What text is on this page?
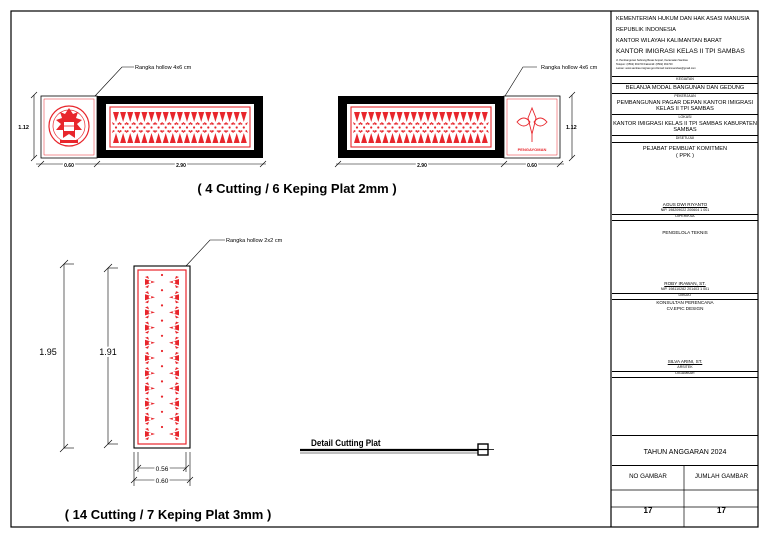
PENGAYOMAN
Rangka hollow 4x6 cm	Rangka hollow 4x6 cm
1.12	1.12
0.60	2.90	2.90	0.60
( 4 Cutting / 6 Keping Plat 2mm )
Rangka hollow 2x2 cm
1.95	1.91
0.56
0.60
( 14 Cutting / 7 Keping Plat 3mm )
Detail Cutting Plat
KEMENTERIAN HUKUM DAN HAK ASASI MANUSIA
REPUBLIK INDONESIA
KANTOR WILAYAH KALIMANTAN BARAT
KANTOR IMIGRASI KELAS II TPI SAMBAS
Jl. Pembangunan Sebrang Besar Ampari, Kecamatan Sambas
Telepon: (0562) 391720 Faksimili: (0562) 391720
Laman: www.sambas.imigrasi.go.id Email: kanimsambas@gmail.com
KEGIATAN
BELANJA MODAL BANGUNAN DAN GEDUNG
PEKERJAAN
PEMBANGUNAN PAGAR DEPAN KANTOR IMIGRASI KELAS II TPI SAMBAS
LOKASI
KANTOR IMIGRASI KELAS II TPI SAMBAS KABUPATEN SAMBAS
DISETUJUI
PEJABAT PEMBUAT KOMITMEN
( PPK )
AGUS DWI RIYANTO
NIP. 198209022 200604 1 001
DIPERIKSA
PENGELOLA TEKNIS
ROBY IRAWAN, ST.
NIP. 198110282 201403 1 001
DIBUAT
KONSULTAN PERENCANA
CV.EPIC DESIGN
SILVA ARINI, ST.
ARSITEK
DIGAMBAR
TAHUN ANGGARAN 2024
NO GAMBAR	JUMLAH GAMBAR
17	17
